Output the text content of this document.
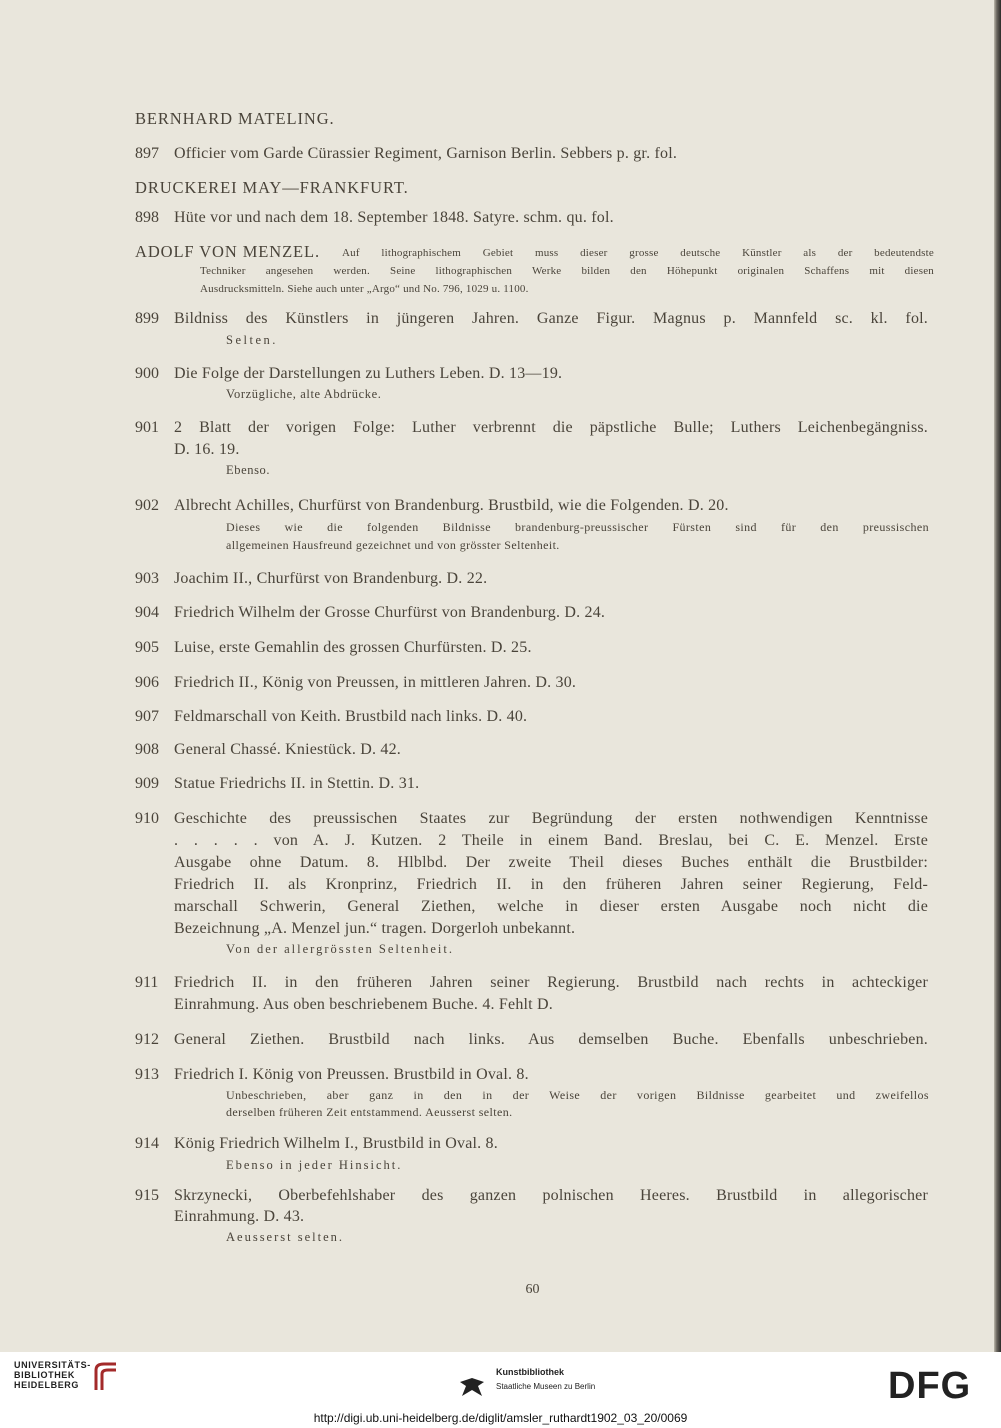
BERNHARD MATELING.
897 Officier vom Garde Cürassier Regiment, Garnison Berlin. Sebbers p. gr. fol.
DRUCKEREI MAY—FRANKFURT.
898 Hüte vor und nach dem 18. September 1848. Satyre. schm. qu. fol.
ADOLF VON MENZEL. Auf lithographischem Gebiet muss dieser grosse deutsche Künstler als der bedeutendste
Techniker angesehen werden. Seine lithographischen Werke bilden den Höhepunkt originalen Schaffens mit diesen
Ausdrucksmitteln. Siehe auch unter „Argo“ und No. 796, 1029 u. 1100.
899 Bildniss des Künstlers in jüngeren Jahren. Ganze Figur. Magnus p. Mannfeld sc. kl. fol.
Selten.
900 Die Folge der Darstellungen zu Luthers Leben. D. 13—19.
Vorzügliche, alte Abdrücke.
901 2 Blatt der vorigen Folge: Luther verbrennt die päpstliche Bulle; Luthers Leichenbegängniss.
D. 16. 19.
Ebenso.
902 Albrecht Achilles, Churfürst von Brandenburg. Brustbild, wie die Folgenden. D. 20.
Dieses wie die folgenden Bildnisse brandenburg-preussischer Fürsten sind für den preussischen
allgemeinen Hausfreund gezeichnet und von grösster Seltenheit.
903 Joachim II., Churfürst von Brandenburg. D. 22.
904 Friedrich Wilhelm der Grosse Churfürst von Brandenburg. D. 24.
905 Luise, erste Gemahlin des grossen Churfürsten. D. 25.
906 Friedrich II., König von Preussen, in mittleren Jahren. D. 30.
907 Feldmarschall von Keith. Brustbild nach links. D. 40.
908 General Chassé. Kniestück. D. 42.
909 Statue Friedrichs II. in Stettin. D. 31.
910 Geschichte des preussischen Staates zur Begründung der ersten nothwendigen Kenntnisse
. . . . . von A. J. Kutzen. 2 Theile in einem Band. Breslau, bei C. E. Menzel. Erste
Ausgabe ohne Datum. 8. Hlblbd. Der zweite Theil dieses Buches enthält die Brustbilder:
Friedrich II. als Kronprinz, Friedrich II. in den früheren Jahren seiner Regierung, Feld-
marschall Schwerin, General Ziethen, welche in dieser ersten Ausgabe noch nicht die
Bezeichnung „A. Menzel jun.“ tragen. Dorgerloh unbekannt.
Von der allergrössten Seltenheit.
911 Friedrich II. in den früheren Jahren seiner Regierung. Brustbild nach rechts in achteckiger
Einrahmung. Aus oben beschriebenem Buche. 4. Fehlt D.
912 General Ziethen. Brustbild nach links. Aus demselben Buche. Ebenfalls unbeschrieben.
913 Friedrich I. König von Preussen. Brustbild in Oval. 8.
Unbeschrieben, aber ganz in den in der Weise der vorigen Bildnisse gearbeitet und zweifellos
derselben früheren Zeit entstammend. Aeusserst selten.
914 König Friedrich Wilhelm I., Brustbild in Oval. 8.
Ebenso in jeder Hinsicht.
915 Skrzynecki, Oberbefehlshaber des ganzen polnischen Heeres. Brustbild in allegorischer
Einrahmung. D. 43.
Aeusserst selten.
60
UNIVERSITÄTS-
BIBLIOTHEK
HEIDELBERG
Kunstbibliothek
Staatliche Museen zu Berlin	DFG
http://digi.ub.uni-heidelberg.de/diglit/amsler_ruthardt1902_03_20/0069
